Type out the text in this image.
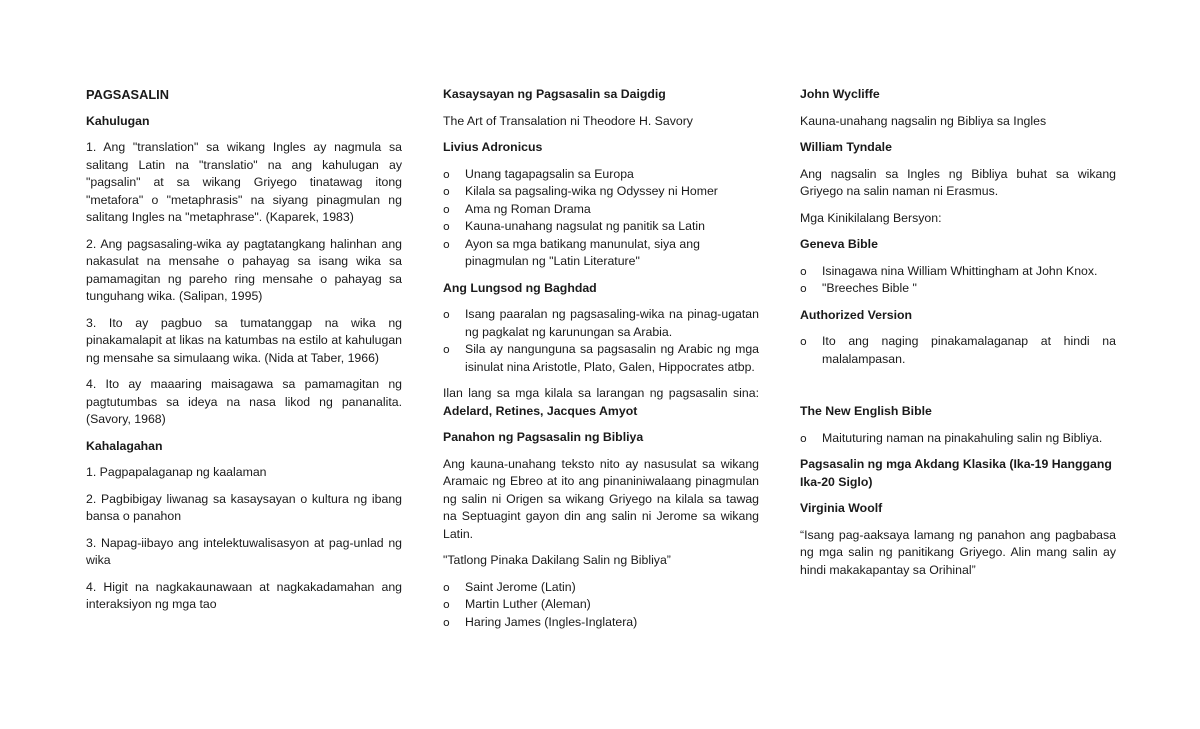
PAGSASALIN

Kahulugan

1. Ang "translation" sa wikang Ingles ay nagmula sa salitang Latin na "translatio" na ang kahulugan ay "pagsalin" at sa wikang Griyego tinatawag itong "metafora" o "metaphrasis" na siyang pinagmulan ng salitang Ingles na "metaphrase". (Kaparek, 1983)

2. Ang pagsasaling-wika ay pagtatangkang halinhan ang nakasulat na mensahe o pahayag sa isang wika sa pamamagitan ng pareho ring mensahe o pahayag sa tunguhang wika. (Salipan, 1995)

3. Ito ay pagbuo sa tumatanggap na wika ng pinakamalapit at likas na katumbas na estilo at kahulugan ng mensahe sa simulaang wika. (Nida at Taber, 1966)

4. Ito ay maaaring maisagawa sa pamamagitan ng pagtutumbas sa ideya na nasa likod ng pananalita. (Savory, 1968)

Kahalagahan

1. Pagpapalaganap ng kaalaman

2. Pagbibigay liwanag sa kasaysayan o kultura ng ibang bansa o panahon

3. Napag-iibayo ang intelektuwalisasyon at pag-unlad ng wika

4. Higit na nagkakaunawaan at nagkakadamahan ang interaksiyon ng mga tao

Kasaysayan ng Pagsasalin sa Daigdig

The Art of Transalation ni Theodore H. Savory

Livius Adronicus

o	Unang tagapagsalin sa Europa
o	Kilala sa pagsaling-wika ng Odyssey ni Homer
o	Ama ng Roman Drama
o	Kauna-unahang nagsulat ng panitik sa Latin
o	Ayon sa mga batikang manunulat, siya ang pinagmulan ng "Latin Literature"

Ang Lungsod ng Baghdad

o	Isang paaralan ng pagsasaling-wika na pinag-ugatan ng pagkalat ng karunungan sa Arabia.
o	Sila ay nangunguna sa pagsasalin ng Arabic ng mga isinulat nina Aristotle, Plato, Galen, Hippocrates atbp.

Ilan lang sa mga kilala sa larangan ng pagsasalin sina: Adelard, Retines, Jacques Amyot

Panahon ng Pagsasalin ng Bibliya

Ang kauna-unahang teksto nito ay nasusulat sa wikang Aramaic ng Ebreo at ito ang pinaniniwalaang pinagmulan ng salin ni Origen sa wikang Griyego na kilala sa tawag na Septuagint gayon din ang salin ni Jerome sa wikang Latin.

"Tatlong Pinaka Dakilang Salin ng Bibliya”

o	Saint Jerome (Latin)
o	Martin Luther (Aleman)
o	Haring James (Ingles-Inglatera)

John Wycliffe

Kauna-unahang nagsalin ng Bibliya sa Ingles

William Tyndale

Ang nagsalin sa Ingles ng Bibliya buhat sa wikang Griyego na salin naman ni Erasmus.

Mga Kinikilalang Bersyon:

Geneva Bible

o	Isinagawa nina William Whittingham at John Knox.
o	"Breeches Bible "

Authorized Version

o	Ito ang naging pinakamalaganap at hindi na malalampasan.

The New English Bible

o	Maituturing naman na pinakahuling salin ng Bibliya.

Pagsasalin ng mga Akdang Klasika (Ika-19 Hanggang Ika-20 Siglo)

Virginia Woolf

“Isang pag-aaksaya lamang ng panahon ang pagbabasa ng mga salin ng panitikang Griyego. Alin mang salin ay hindi makakapantay sa Orihinal”
